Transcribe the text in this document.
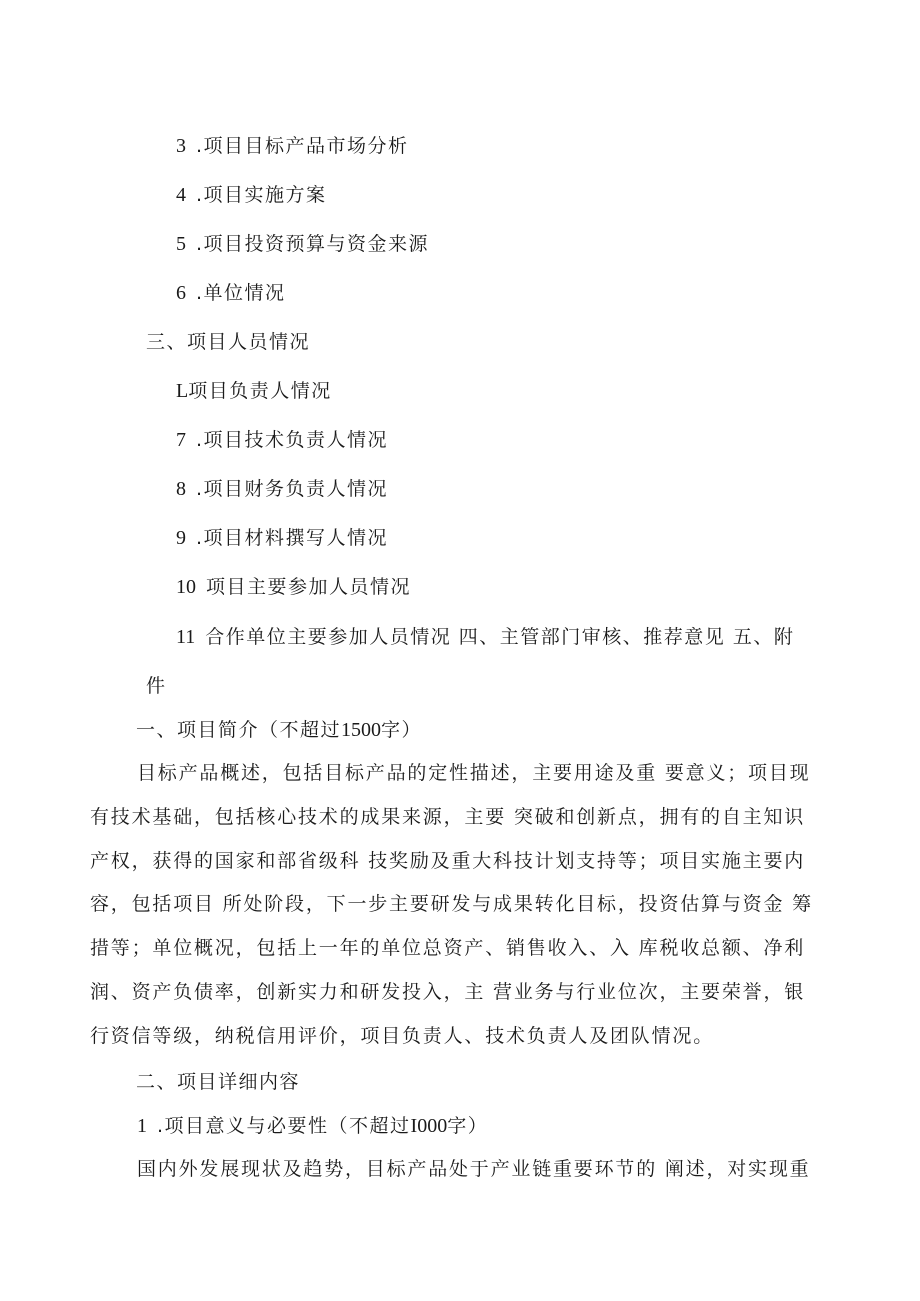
3 .项目目标产品市场分析
4 .项目实施方案
5 .项目投资预算与资金来源
6 .单位情况
三、项目人员情况
L项目负责人情况
7 .项目技术负责人情况
8 .项目财务负责人情况
9 .项目材料撰写人情况
10 项目主要参加人员情况
11 合作单位主要参加人员情况 四、主管部门审核、推荐意见 五、附
件
一、项目简介（不超过1500字）
目标产品概述，包括目标产品的定性描述，主要用途及重 要意义；项目现
有技术基础，包括核心技术的成果来源，主要 突破和创新点，拥有的自主知识
产权，获得的国家和部省级科 技奖励及重大科技计划支持等；项目实施主要内
容，包括项目 所处阶段，下一步主要研发与成果转化目标，投资估算与资金 筹
措等；单位概况，包括上一年的单位总资产、销售收入、入 库税收总额、净利
润、资产负债率，创新实力和研发投入，主 营业务与行业位次，主要荣誉，银
行资信等级，纳税信用评价，项目负责人、技术负责人及团队情况。
二、项目详细内容
1 .项目意义与必要性（不超过I000字）
国内外发展现状及趋势，目标产品处于产业链重要环节的 阐述，对实现重
